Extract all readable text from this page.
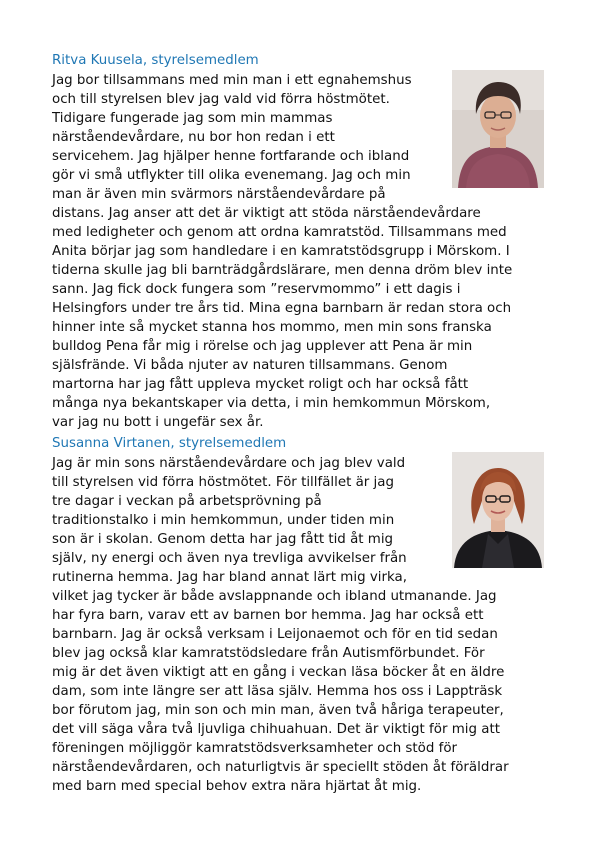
Ritva Kuusela, styrelsemedlem
Jag bor tillsammans med min man i ett egnahemshus
och till styrelsen blev jag vald vid förra höstmötet.
Tidigare fungerade jag som min mammas
närståendevårdare, nu bor hon redan i ett
servicehem. Jag hjälper henne fortfarande och ibland
gör vi små utflykter till olika evenemang. Jag och min
man är även min svärmors närståendevårdare på
distans. Jag anser att det är viktigt att stöda närståendevårdare
med ledigheter och genom att ordna kamratstöd. Tillsammans med
Anita börjar jag som handledare i en kamratstödsgrupp i Mörskom. I
tiderna skulle jag bli barnträdgårdslärare, men denna dröm blev inte
sann. Jag fick dock fungera som ”reservmommo” i ett dagis i
Helsingfors under tre års tid. Mina egna barnbarn är redan stora och
hinner inte så mycket stanna hos mommo, men min sons franska
bulldog Pena får mig i rörelse och jag upplever att Pena är min
själsfrände. Vi båda njuter av naturen tillsammans. Genom
martorna har jag fått uppleva mycket roligt och har också fått
många nya bekantskaper via detta, i min hemkommun Mörskom,
var jag nu bott i ungefär sex år.
Susanna Virtanen, styrelsemedlem
Jag är min sons närståendevårdare och jag blev vald
till styrelsen vid förra höstmötet. För tillfället är jag
tre dagar i veckan på arbetsprövning på
traditionstalko i min hemkommun, under tiden min
son är i skolan. Genom detta har jag fått tid åt mig
själv, ny energi och även nya trevliga avvikelser från
rutinerna hemma. Jag har bland annat lärt mig virka,
vilket jag tycker är både avslappnande och ibland utmanande. Jag
har fyra barn, varav ett av barnen bor hemma. Jag har också ett
barnbarn. Jag är också verksam i Leijonaemot och för en tid sedan
blev jag också klar kamratstödsledare från Autismförbundet. För
mig är det även viktigt att en gång i veckan läsa böcker åt en äldre
dam, som inte längre ser att läsa själv. Hemma hos oss i Lappträsk
bor förutom jag, min son och min man, även två håriga terapeuter,
det vill säga våra två ljuvliga chihuahuan. Det är viktigt för mig att
föreningen möjliggör kamratstödsverksamheter och stöd för
närståendevårdaren, och naturligtvis är speciellt stöden åt föräldrar
med barn med special behov extra nära hjärtat åt mig.
